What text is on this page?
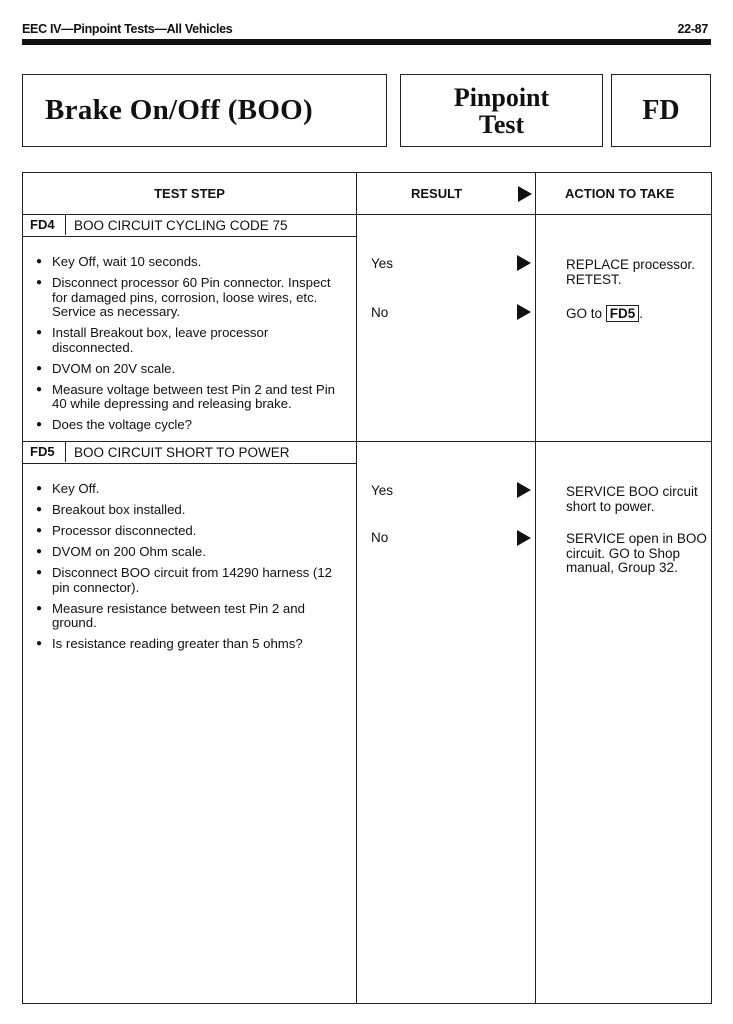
EEC IV—Pinpoint Tests—All Vehicles	22-87
Brake On/Off (BOO)	Pinpoint
Test	FD
TEST STEP	RESULT	ACTION TO TAKE
FD4	BOO CIRCUIT CYCLING CODE 75
● Key Off, wait 10 seconds.
● Disconnect processor 60 Pin connector. Inspect for damaged pins, corrosion, loose wires, etc. Service as necessary.
● Install Breakout box, leave processor disconnected.
● DVOM on 20V scale.
● Measure voltage between test Pin 2 and test Pin 40 while depressing and releasing brake.
● Does the voltage cycle?
Yes	REPLACE processor. RETEST.
No	GO to FD5 .
FD5	BOO CIRCUIT SHORT TO POWER
● Key Off.
● Breakout box installed.
● Processor disconnected.
● DVOM on 200 Ohm scale.
● Disconnect BOO circuit from 14290 harness (12 pin connector).
● Measure resistance between test Pin 2 and ground.
● Is resistance reading greater than 5 ohms?
Yes	SERVICE BOO circuit short to power.
No	SERVICE open in BOO circuit. GO to Shop manual, Group 32.
